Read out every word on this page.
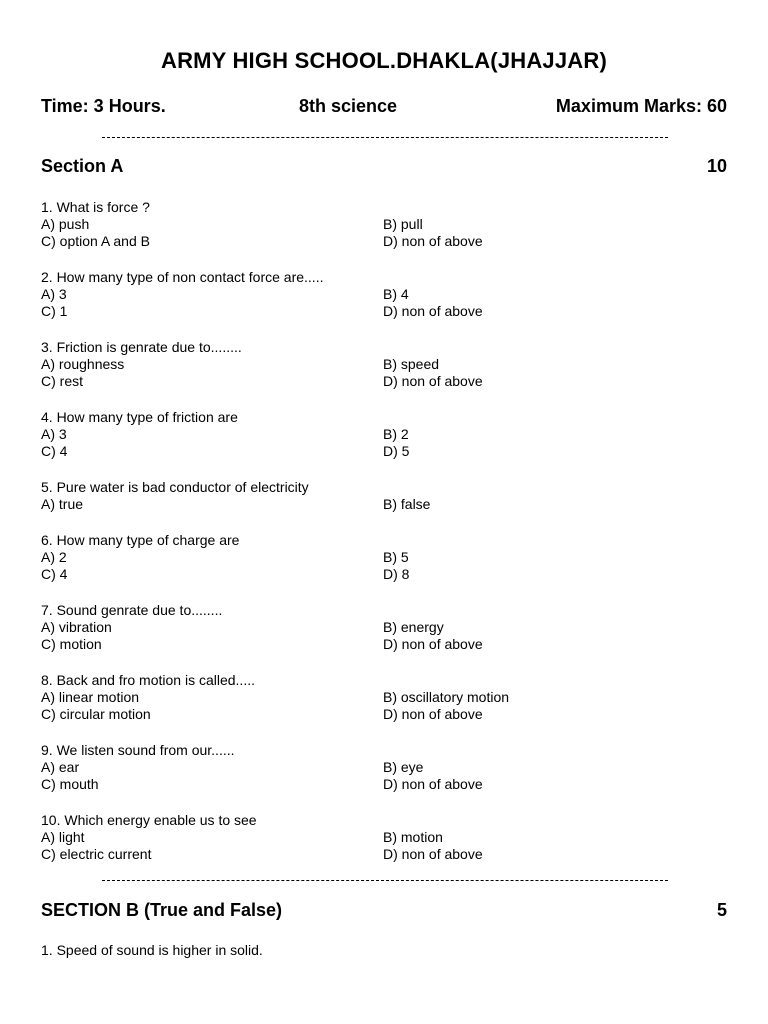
ARMY HIGH SCHOOL.DHAKLA(JHAJJAR)
Time: 3 Hours.	8th science	Maximum Marks: 60
Section A	10
1. What is force ?
A) push	B) pull
C) option A and B	D) non of above
2. How many type of non contact force are.....
A) 3	B) 4
C) 1	D) non of above
3. Friction is genrate due to........
A) roughness	B) speed
C) rest	D) non of above
4. How many type of friction are
A) 3	B) 2
C) 4	D) 5
5. Pure water is bad conductor of electricity
A) true	B) false
6. How many type of charge are
A) 2	B) 5
C) 4	D) 8
7. Sound genrate due to........
A) vibration	B) energy
C) motion	D) non of above
8. Back and fro motion is called.....
A) linear motion	B) oscillatory motion
C) circular motion	D) non of above
9. We listen sound from our......
A) ear	B) eye
C) mouth	D) non of above
10. Which energy enable us to see
A) light	B) motion
C) electric current	D) non of above
SECTION B (True and False)	5
1. Speed of sound is higher in solid.
